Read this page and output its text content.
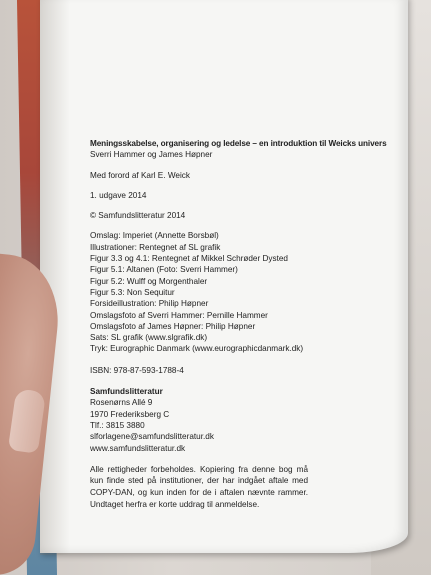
Meningsskabelse, organisering og ledelse – en introduktion til Weicks univers
Sverri Hammer og James Høpner
Med forord af Karl E. Weick
1. udgave 2014
© Samfundslitteratur 2014
Omslag: Imperiet (Annette Borsbøl)
Illustrationer: Rentegnet af SL grafik
Figur 3.3 og 4.1: Rentegnet af Mikkel Schrøder Dysted
Figur 5.1: Altanen (Foto: Sverri Hammer)
Figur 5.2: Wulff og Morgenthaler
Figur 5.3: Non Sequitur
Forsideillustration: Philip Høpner
Omslagsfoto af Sverri Hammer: Pernille Hammer
Omslagsfoto af James Høpner: Philip Høpner
Sats: SL grafik (www.slgrafik.dk)
Tryk: Eurographic Danmark (www.eurographicdanmark.dk)
ISBN: 978-87-593-1788-4
Samfundslitteratur
Rosenørns Allé 9
1970 Frederiksberg C
Tlf.: 3815 3880
slforlagene@samfundslitteratur.dk
www.samfundslitteratur.dk
Alle rettigheder forbeholdes. Kopiering fra denne bog må kun finde sted på institutioner, der har indgået aftale med COPY-DAN, og kun inden for de i aftalen nævnte rammer. Undtaget herfra er korte uddrag til anmeldelse.
